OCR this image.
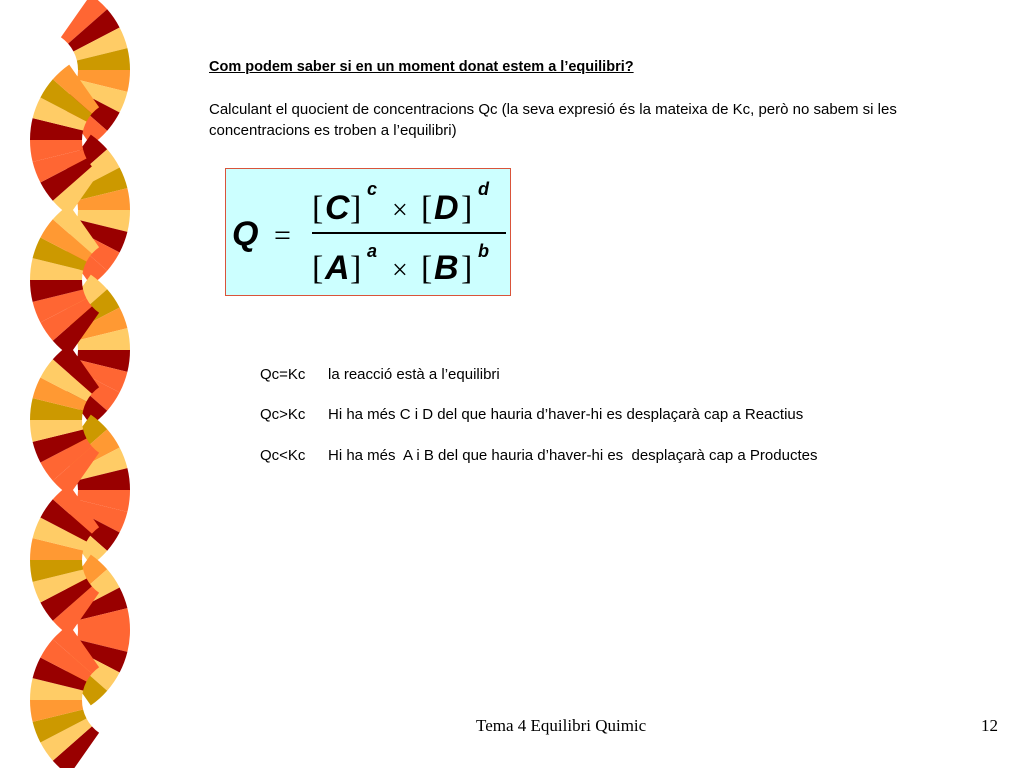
Com podem saber si en un moment donat estem a l’equilibri?
Calculant el quocient de concentracions Qc (la seva expresió és la mateixa de Kc, però no sabem si les concentracions es troben a l’equilibri)
Q =
[ C ]
c
× [ D ]
d
[ A ] a
× [ B ] b
Qc=Kc la reacció està a l’equilibri
Qc>Kc Hi ha més C i D del que hauria d’haver-hi es desplaçarà cap a Reactius
Qc<Kc Hi ha més  A i B del que hauria d’haver-hi es  desplaçarà cap a Productes
Tema 4 Equilibri Quimic	12
